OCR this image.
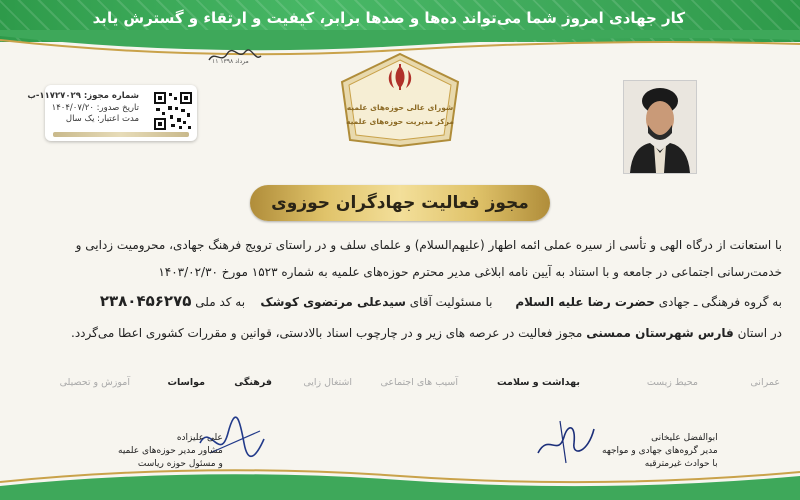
کار جهادی امروز شما می‌تواند ده‌ها و صدها برابر، کیفیت و ارتقاء و گسترش یابد
۱۱ مرداد ۱۳۹۸
شماره مجوز: ۱۱۷۲۷۰۲۹-ب
تاریخ صدور: ۱۴۰۴/۰۷/۲۰
مدت اعتبار: یک سال
شورای عالی حوزه‌های علمیه
مرکز مدیریت حوزه‌های علمیه
مجوز فعالیت جهادگران حوزوی
با استعانت از درگاه الهی و تأسی از سیره عملی ائمه اطهار (علیهم‌السلام) و علمای سلف و در راستای ترویج فرهنگ جهادی، محرومیت زدایی و
خدمت‌رسانی اجتماعی در جامعه و با استناد به آیین نامه ابلاغی مدیر محترم حوزه‌های علمیه به شماره ۱۵۲۳ مورخ ۱۴۰۳/۰۲/۳۰
به گروه فرهنگی ـ جهادی حضرت رضا علیه السلام      با مسئولیت آقای سیدعلی مرتضوی کوشک    به کد ملی ۲۳۸۰۴۵۶۲۷۵
در استان فارس شهرستان ممسنی مجوز فعالیت در عرصه های زیر و در چارچوب اسناد بالادستی، قوانین و مقررات کشوری اعطا می‌گردد.
عمرانی
محیط زیست
بهداشت و سلامت
آسیب های اجتماعی
اشتغال زایی
فرهنگی
مواسات
آموزش و تحصیلی
علی علیزاده
مشاور مدیر حوزه‌های علمیه
و مسئول حوزه ریاست
ابوالفضل علیخانی
مدیر گروه‌های جهادی و مواجهه
با حوادث غیرمترقبه
